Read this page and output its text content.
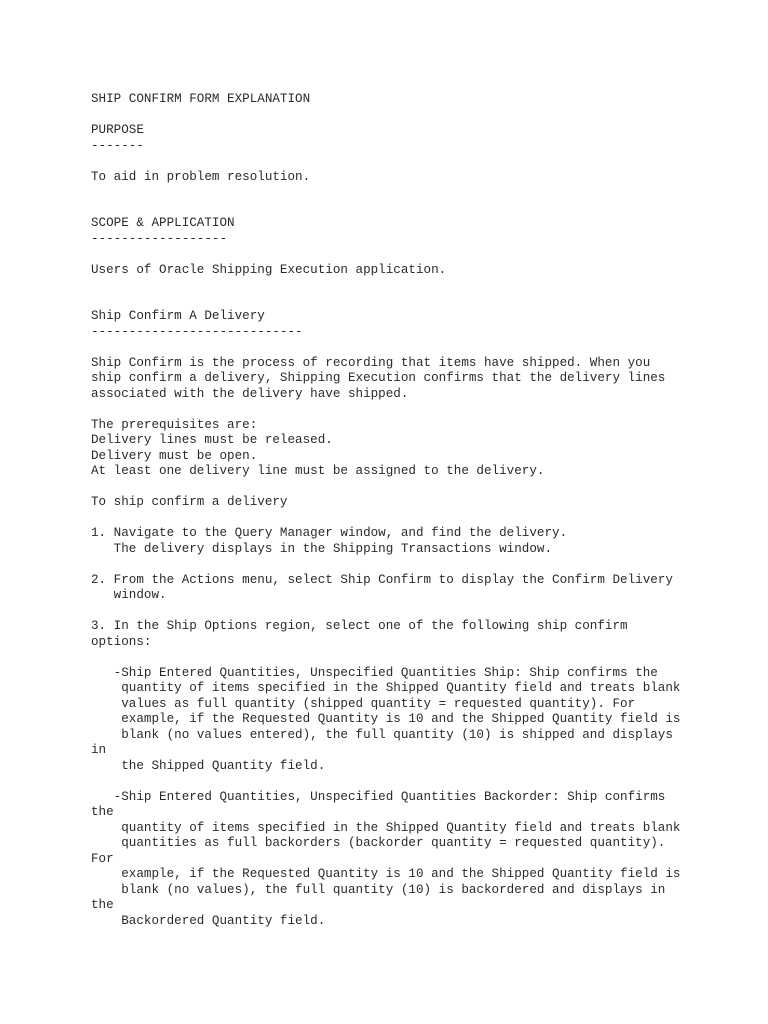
SHIP CONFIRM FORM EXPLANATION
PURPOSE
-------
To aid in problem resolution.
SCOPE & APPLICATION
------------------
Users of Oracle Shipping Execution application.
Ship Confirm A Delivery
----------------------------
Ship Confirm is the process of recording that items have shipped. When you
ship confirm a delivery, Shipping Execution confirms that the delivery lines
associated with the delivery have shipped.
The prerequisites are:
Delivery lines must be released.
Delivery must be open.
At least one delivery line must be assigned to the delivery.
To ship confirm a delivery
1. Navigate to the Query Manager window, and find the delivery.
The delivery displays in the Shipping Transactions window.
2. From the Actions menu, select Ship Confirm to display the Confirm Delivery
window.
3. In the Ship Options region, select one of the following ship confirm
options:
-Ship Entered Quantities, Unspecified Quantities Ship: Ship confirms the
quantity of items specified in the Shipped Quantity field and treats blank
values as full quantity (shipped quantity = requested quantity). For
example, if the Requested Quantity is 10 and the Shipped Quantity field is
blank (no values entered), the full quantity (10) is shipped and displays
in
the Shipped Quantity field.
-Ship Entered Quantities, Unspecified Quantities Backorder: Ship confirms
the
quantity of items specified in the Shipped Quantity field and treats blank
quantities as full backorders (backorder quantity = requested quantity).
For
example, if the Requested Quantity is 10 and the Shipped Quantity field is
blank (no values), the full quantity (10) is backordered and displays in
the
Backordered Quantity field.
